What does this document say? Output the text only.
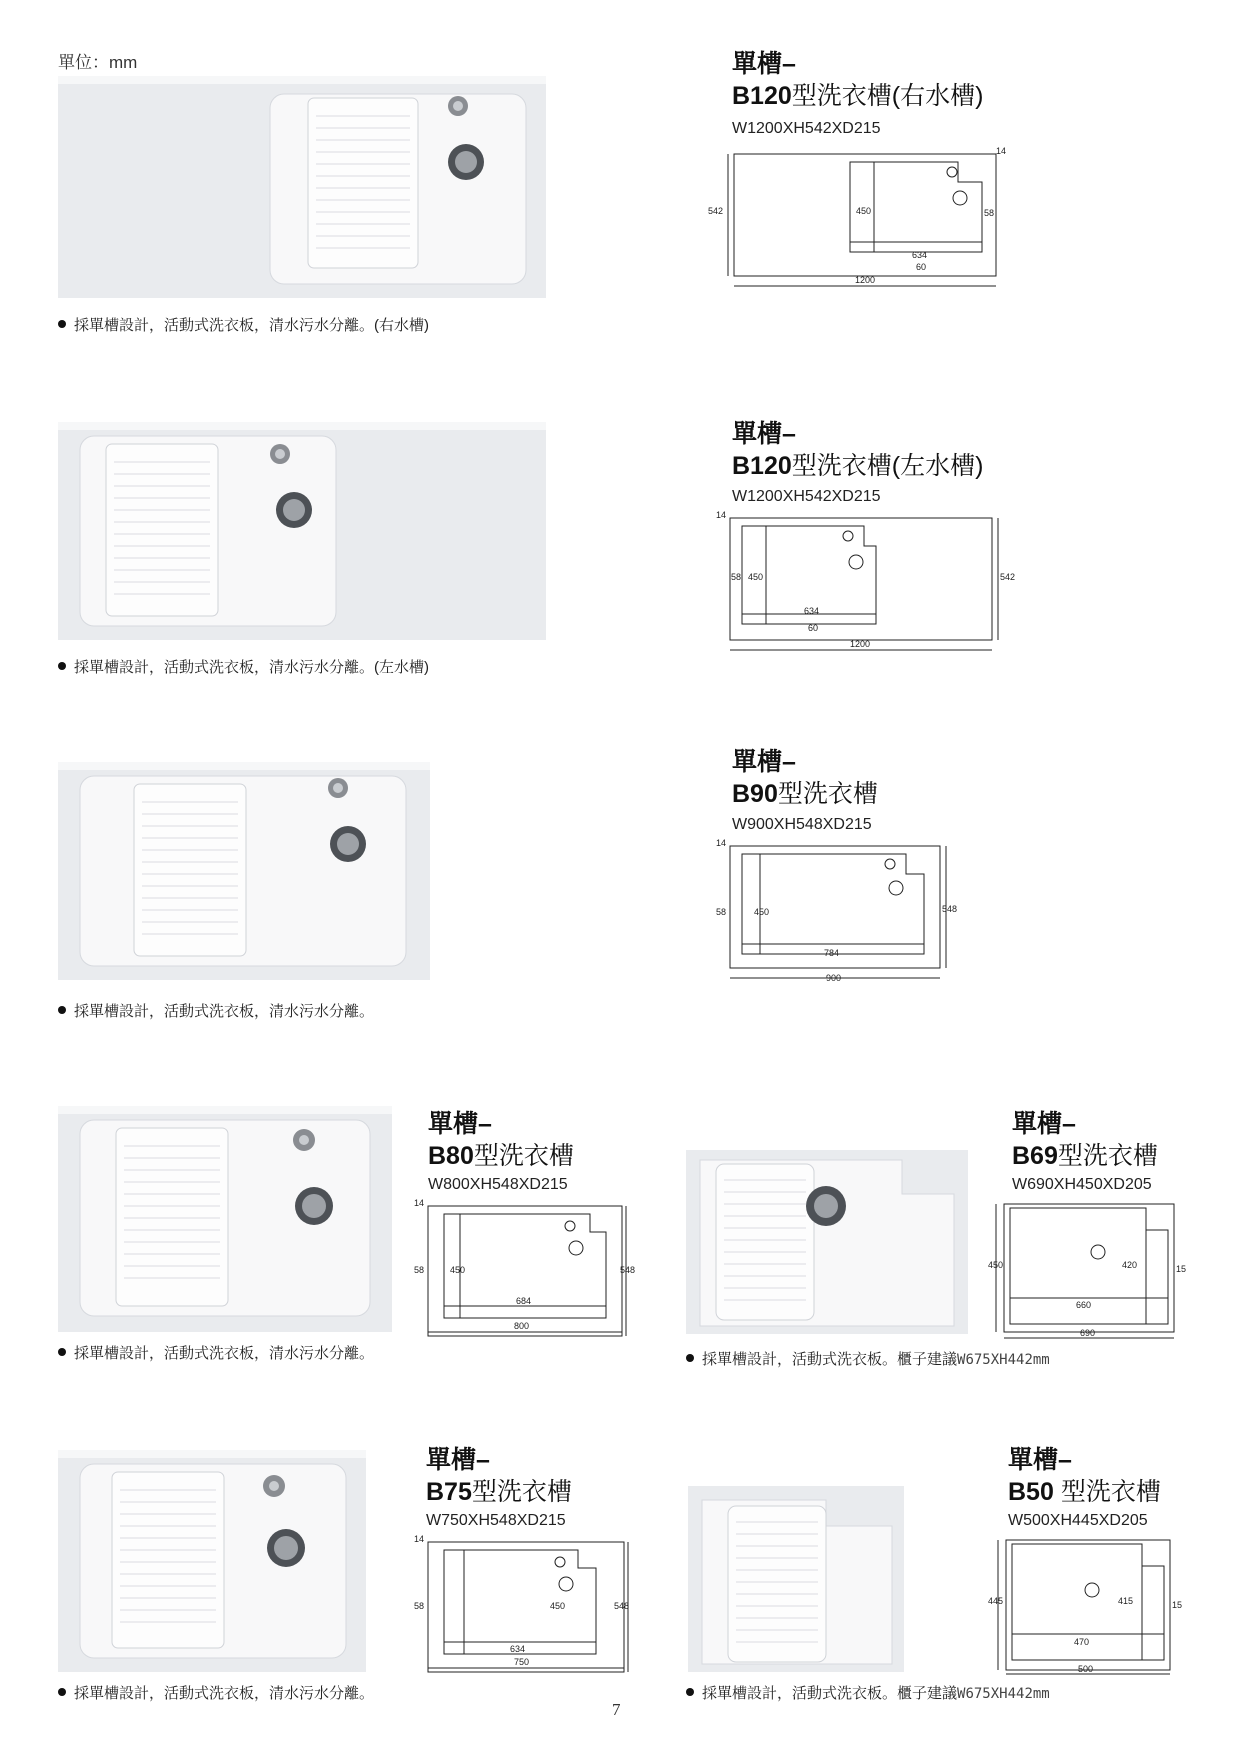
單位：mm	單槽–
B120型洗衣槽(右水槽)
W1200XH542XD215
14
542	450	58
634
60
1200
採單槽設計，活動式洗衣板，清水污水分離。(右水槽)
單槽–
B120型洗衣槽(左水槽)
W1200XH542XD215
14
542
450
58
634
60
1200
採單槽設計，活動式洗衣板，清水污水分離。(左水槽)
單槽–
B90型洗衣槽
W900XH548XD215
14
548
450
58
784
900
採單槽設計，活動式洗衣板，清水污水分離。
單槽–
B80型洗衣槽
W800XH548XD215
14
548
450
58
684
800
採單槽設計，活動式洗衣板，清水污水分離。
單槽–
B69型洗衣槽
W690XH450XD205
450	420	15
660
690
採單槽設計，活動式洗衣板。櫃子建議W675XH442mm
單槽–
B75型洗衣槽
W750XH548XD215
14
548
450
58
634
750
採單槽設計，活動式洗衣板，清水污水分離。
單槽–
B50 型洗衣槽
W500XH445XD205
445	415	15
470
500
採單槽設計，活動式洗衣板。櫃子建議W675XH442mm
7
